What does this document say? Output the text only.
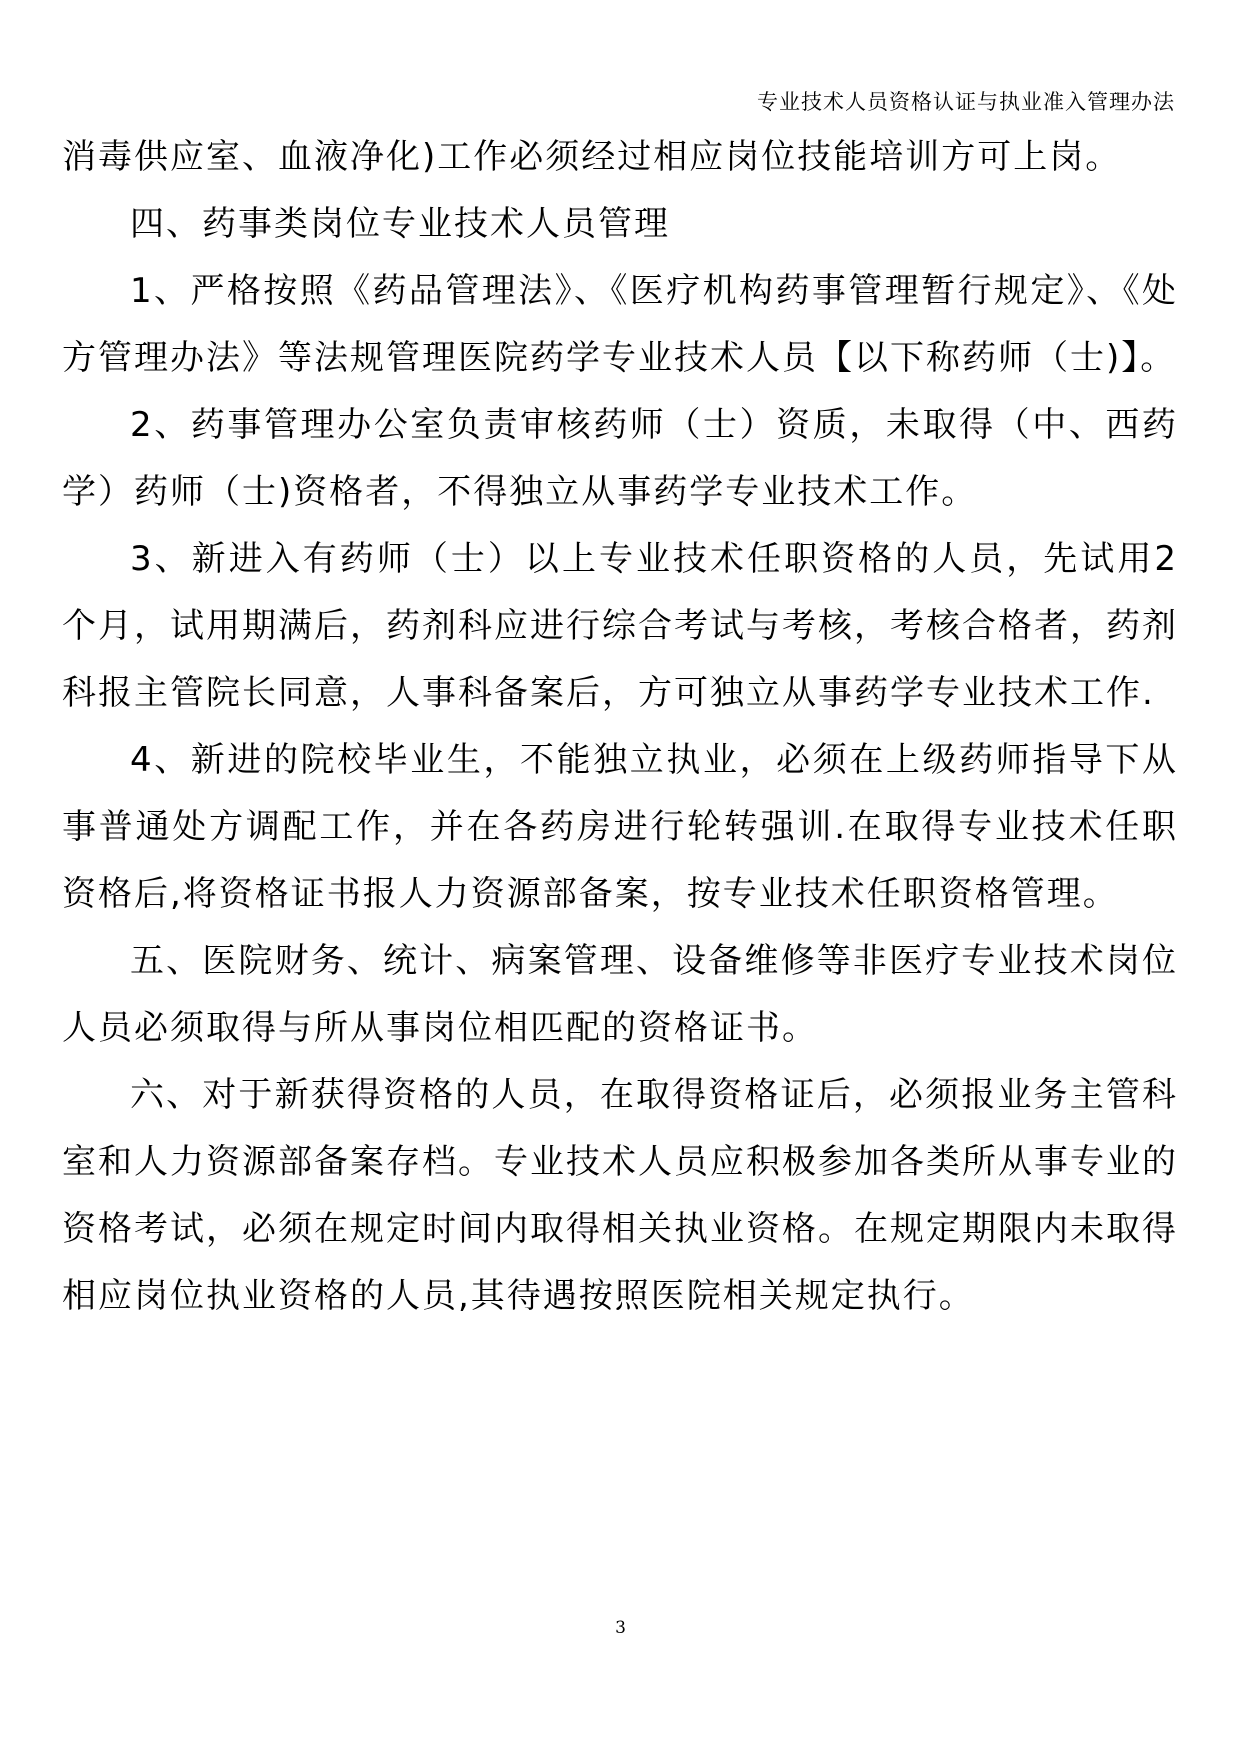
专业技术人员资格认证与执业准入管理办法

消毒供应室、血液净化)工作必须经过相应岗位技能培训方可上岗。

四、药事类岗位专业技术人员管理

1、严格按照《药品管理法》、《医疗机构药事管理暂行规定》、《处方管理办法》等法规管理医院药学专业技术人员【以下称药师（士)】。

2、药事管理办公室负责审核药师（士）资质，未取得（中、西药学）药师（士)资格者，不得独立从事药学专业技术工作。

3、新进入有药师（士）以上专业技术任职资格的人员，先试用2个月，试用期满后，药剂科应进行综合考试与考核，考核合格者，药剂科报主管院长同意，人事科备案后，方可独立从事药学专业技术工作.

4、新进的院校毕业生，不能独立执业，必须在上级药师指导下从事普通处方调配工作，并在各药房进行轮转强训.在取得专业技术任职资格后,将资格证书报人力资源部备案，按专业技术任职资格管理。

五、医院财务、统计、病案管理、设备维修等非医疗专业技术岗位人员必须取得与所从事岗位相匹配的资格证书。

六、对于新获得资格的人员，在取得资格证后，必须报业务主管科室和人力资源部备案存档。专业技术人员应积极参加各类所从事专业的资格考试，必须在规定时间内取得相关执业资格。在规定期限内未取得相应岗位执业资格的人员,其待遇按照医院相关规定执行。

3
